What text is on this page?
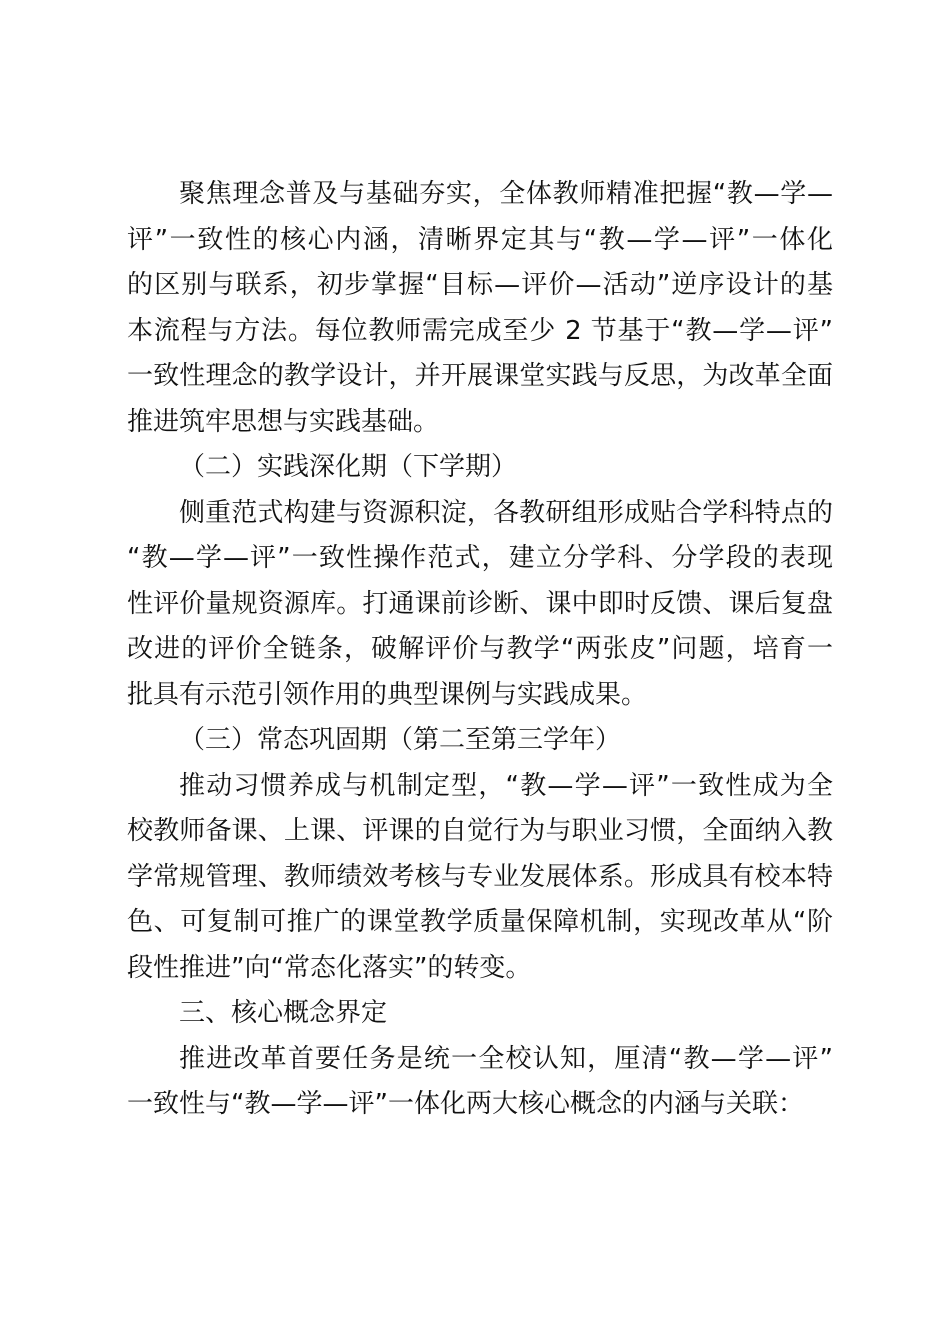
聚焦理念普及与基础夯实，全体教师精准把握“教—学—
评”一致性的核心内涵，清晰界定其与“教—学—评”一体化
的区别与联系，初步掌握“目标—评价—活动”逆序设计的基
本流程与方法。每位教师需完成至少 2 节基于“教—学—评”
一致性理念的教学设计，并开展课堂实践与反思，为改革全面
推进筑牢思想与实践基础。

（二）实践深化期（下学期）

侧重范式构建与资源积淀，各教研组形成贴合学科特点的
“教—学—评”一致性操作范式，建立分学科、分学段的表现
性评价量规资源库。打通课前诊断、课中即时反馈、课后复盘
改进的评价全链条，破解评价与教学“两张皮”问题，培育一
批具有示范引领作用的典型课例与实践成果。

（三）常态巩固期（第二至第三学年）

推动习惯养成与机制定型，“教—学—评”一致性成为全
校教师备课、上课、评课的自觉行为与职业习惯，全面纳入教
学常规管理、教师绩效考核与专业发展体系。形成具有校本特
色、可复制可推广的课堂教学质量保障机制，实现改革从“阶
段性推进”向“常态化落实”的转变。

三、核心概念界定

推进改革首要任务是统一全校认知，厘清“教—学—评”
一致性与“教—学—评”一体化两大核心概念的内涵与关联：
